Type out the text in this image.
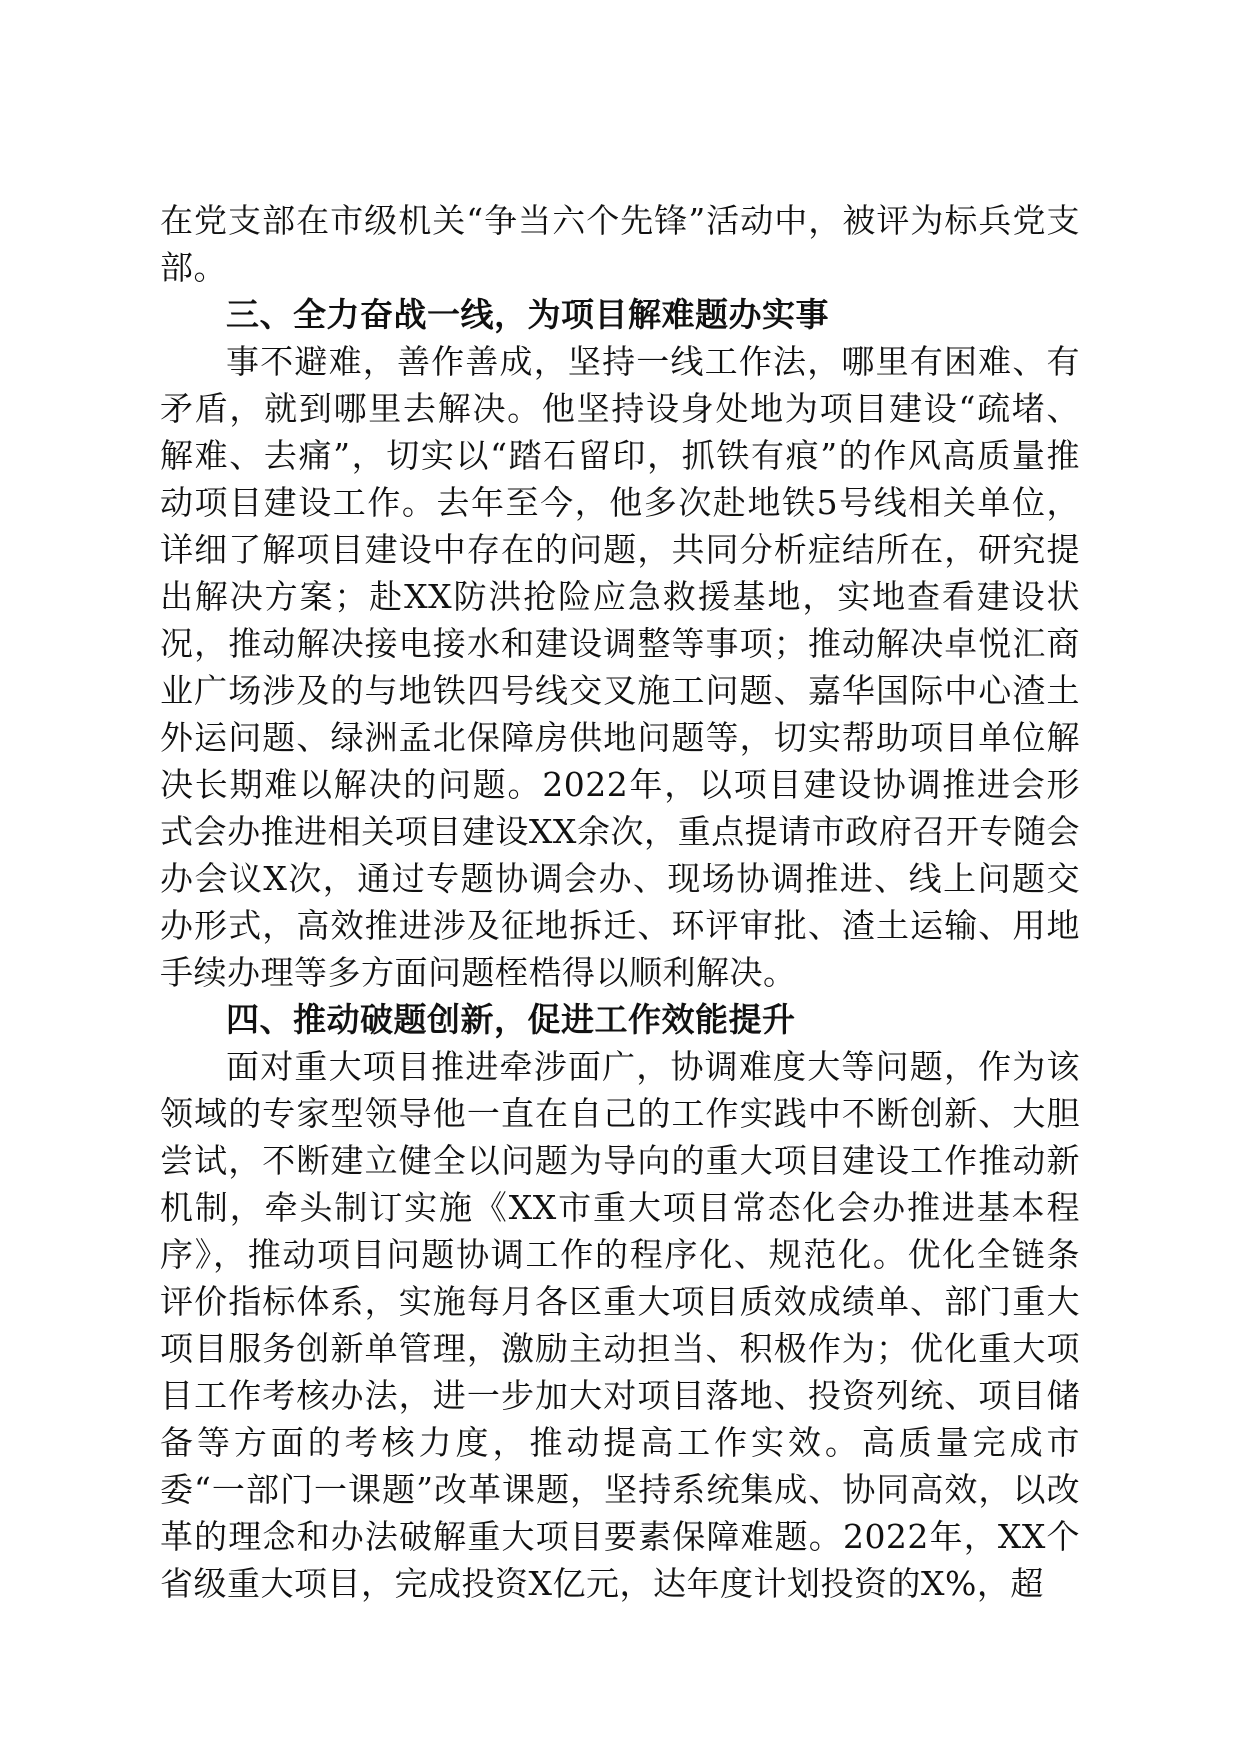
在党支部在市级机关“争当六个先锋”活动中，被评为标兵党支部。

三、全力奋战一线，为项目解难题办实事

事不避难，善作善成，坚持一线工作法，哪里有困难、有矛盾，就到哪里去解决。他坚持设身处地为项目建设“疏堵、解难、去痛”，切实以“踏石留印，抓铁有痕”的作风高质量推动项目建设工作。去年至今，他多次赴地铁5号线相关单位，详细了解项目建设中存在的问题，共同分析症结所在，研究提出解决方案；赴XX防洪抢险应急救援基地，实地查看建设状况，推动解决接电接水和建设调整等事项；推动解决卓悦汇商业广场涉及的与地铁四号线交叉施工问题、嘉华国际中心渣土外运问题、绿洲孟北保障房供地问题等，切实帮助项目单位解决长期难以解决的问题。2022年，以项目建设协调推进会形式会办推进相关项目建设XX余次，重点提请市政府召开专随会办会议X次，通过专题协调会办、现场协调推进、线上问题交办形式，高效推进涉及征地拆迁、环评审批、渣土运输、用地手续办理等多方面问题桎梏得以顺利解决。

四、推动破题创新，促进工作效能提升

面对重大项目推进牵涉面广，协调难度大等问题，作为该领域的专家型领导他一直在自己的工作实践中不断创新、大胆尝试，不断建立健全以问题为导向的重大项目建设工作推动新机制，牵头制订实施《XX市重大项目常态化会办推进基本程序》，推动项目问题协调工作的程序化、规范化。优化全链条评价指标体系，实施每月各区重大项目质效成绩单、部门重大项目服务创新单管理，激励主动担当、积极作为；优化重大项目工作考核办法，进一步加大对项目落地、投资列统、项目储备等方面的考核力度，推动提高工作实效。高质量完成市委“一部门一课题”改革课题，坚持系统集成、协同高效，以改革的理念和办法破解重大项目要素保障难题。2022年，XX个省级重大项目，完成投资X亿元，达年度计划投资的X%，超
